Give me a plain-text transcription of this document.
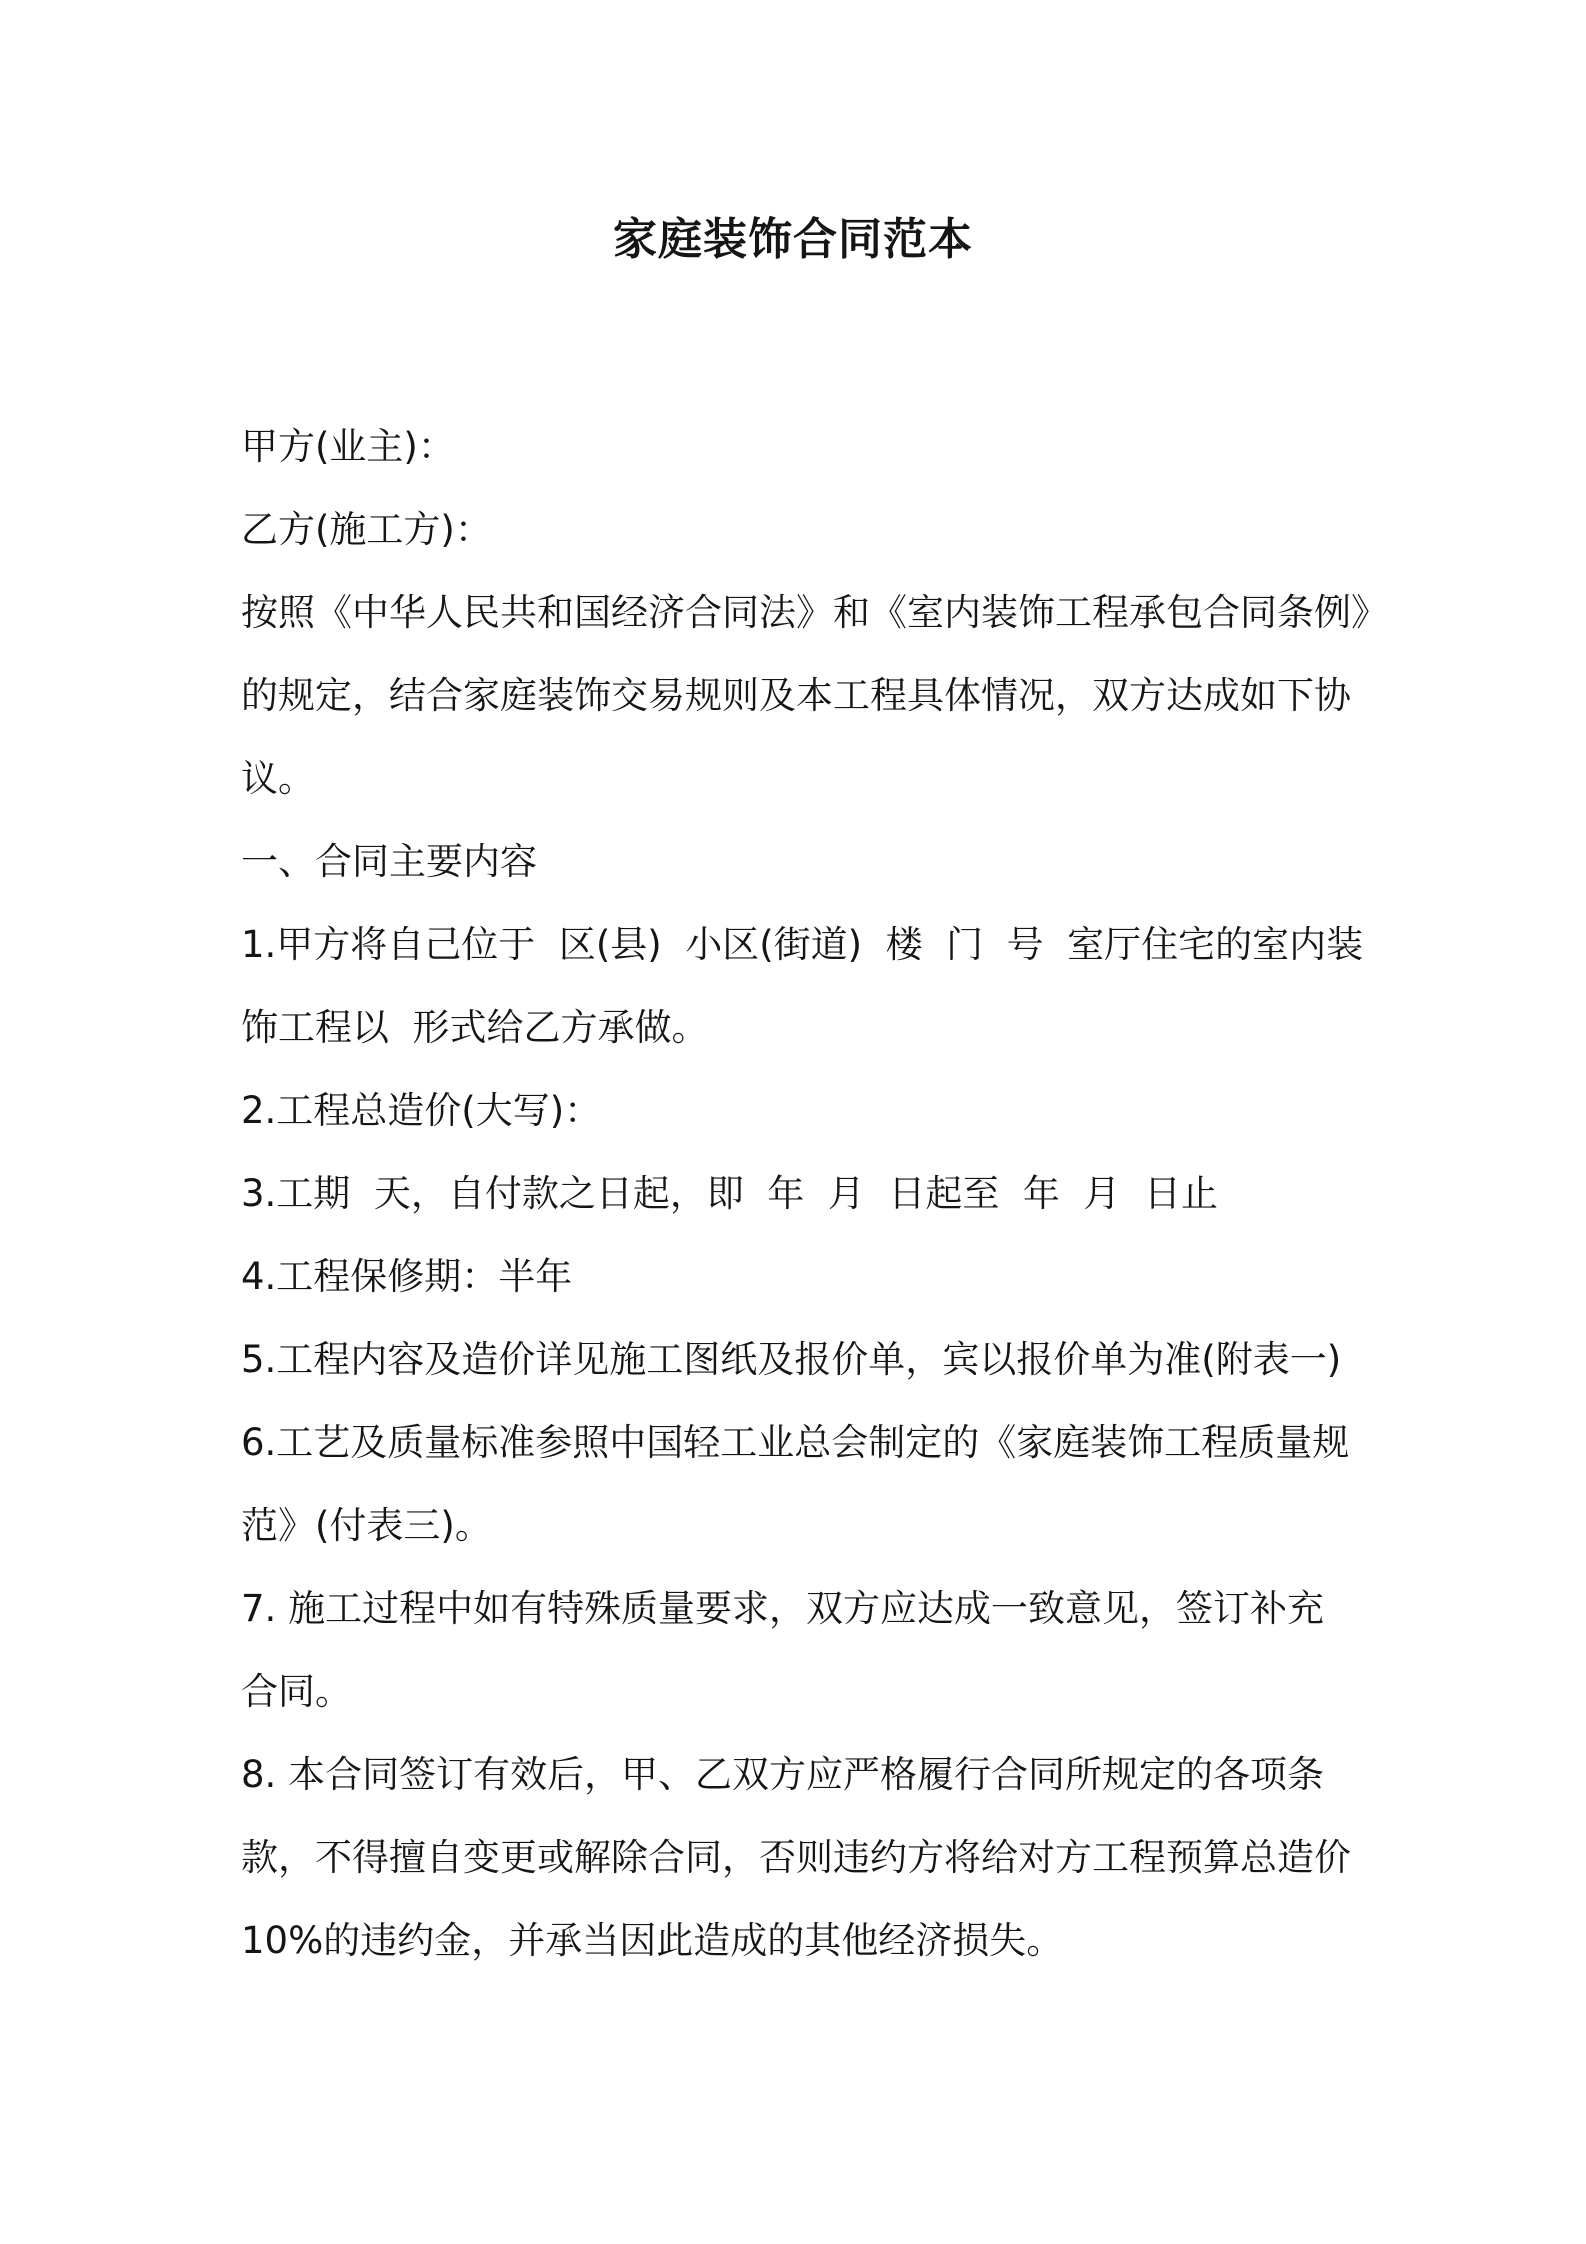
家庭装饰合同范本
甲方(业主)：
乙方(施工方)：
按照《中华人民共和国经济合同法》和《室内装饰工程承包合同条例》
的规定，结合家庭装饰交易规则及本工程具体情况，双方达成如下协
议。
一、合同主要内容
1.甲方将自己位于  区(县)  小区(街道)  楼  门  号  室厅住宅的室内装
饰工程以  形式给乙方承做。
2.工程总造价(大写)：
3.工期  天，自付款之日起，即  年  月  日起至  年  月  日止
4.工程保修期：半年
5.工程内容及造价详见施工图纸及报价单，宾以报价单为准(附表一)
6.工艺及质量标准参照中国轻工业总会制定的《家庭装饰工程质量规
范》(付表三)。
7. 施工过程中如有特殊质量要求，双方应达成一致意见，签订补充
合同。
8. 本合同签订有效后，甲、乙双方应严格履行合同所规定的各项条
款，不得擅自变更或解除合同，否则违约方将给对方工程预算总造价
10%的违约金，并承当因此造成的其他经济损失。
